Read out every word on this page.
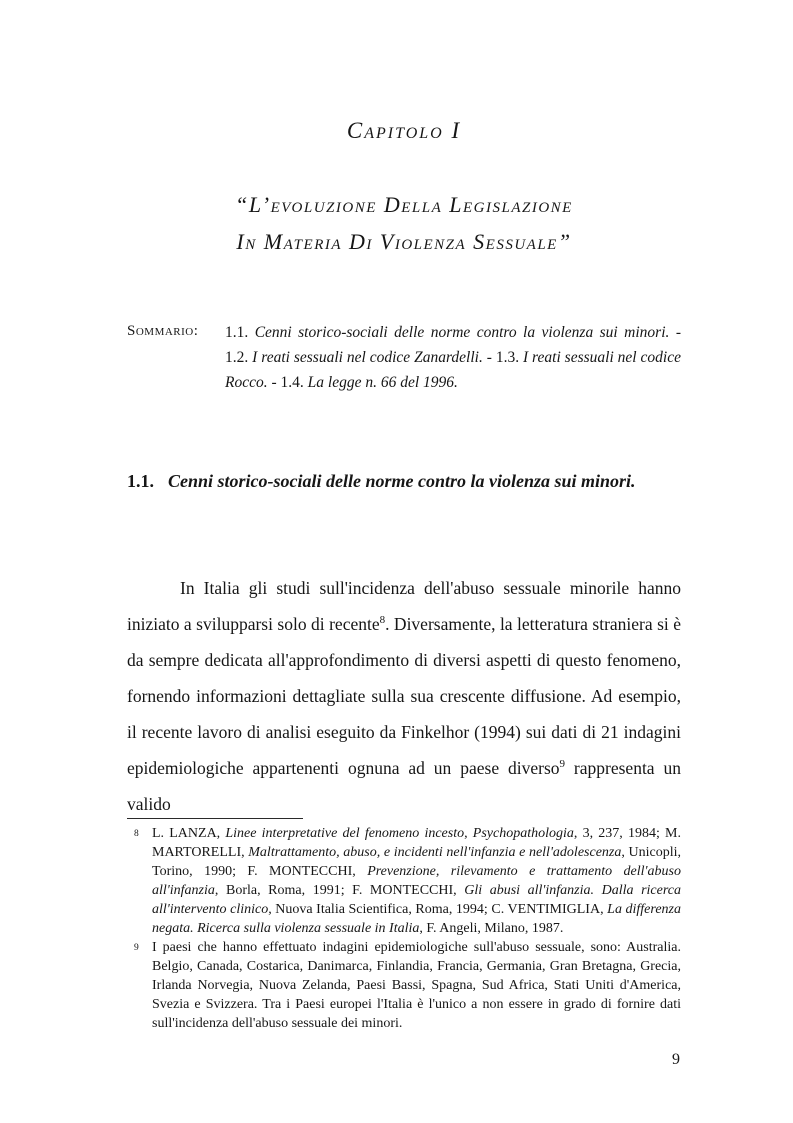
Capitolo I
“L’evoluzione Della Legislazione
In Materia Di Violenza Sessuale”
Sommario: 1.1. Cenni storico-sociali delle norme contro la violenza sui minori. - 1.2. I reati sessuali nel codice Zanardelli. - 1.3. I reati sessuali nel codice Rocco. - 1.4. La legge n. 66 del 1996.

1.1. Cenni storico-sociali delle norme contro la violenza sui minori.

In Italia gli studi sull'incidenza dell'abuso sessuale minorile hanno iniziato a svilupparsi solo di recente$^8$. Diversamente, la letteratura straniera si è da sempre dedicata all'approfondimento di diversi aspetti di questo fenomeno, fornendo informazioni dettagliate sulla sua crescente diffusione. Ad esempio, il recente lavoro di analisi eseguito da Finkelhor (1994) sui dati di 21 indagini epidemiologiche appartenenti ognuna ad un paese diverso$^9$ rappresenta un valido

8 L. LANZA, Linee interpretative del fenomeno incesto, Psychopathologia, 3, 237, 1984; M. MARTORELLI, Maltrattamento, abuso, e incidenti nell'infanzia e nell'adolescenza, Unicopli, Torino, 1990; F. MONTECCHI, Prevenzione, rilevamento e trattamento dell'abuso all'infanzia, Borla, Roma, 1991; F. MONTECCHI, Gli abusi all'infanzia. Dalla ricerca all'intervento clinico, Nuova Italia Scientifica, Roma, 1994; C. VENTIMIGLIA, La differenza negata. Ricerca sulla violenza sessuale in Italia, F. Angeli, Milano, 1987.
9 I paesi che hanno effettuato indagini epidemiologiche sull'abuso sessuale, sono: Australia. Belgio, Canada, Costarica, Danimarca, Finlandia, Francia, Germania, Gran Bretagna, Grecia, Irlanda Norvegia, Nuova Zelanda, Paesi Bassi, Spagna, Sud Africa, Stati Uniti d'America, Svezia e Svizzera. Tra i Paesi europei l'Italia è l'unico a non essere in grado di fornire dati sull'incidenza dell'abuso sessuale dei minori.
9
